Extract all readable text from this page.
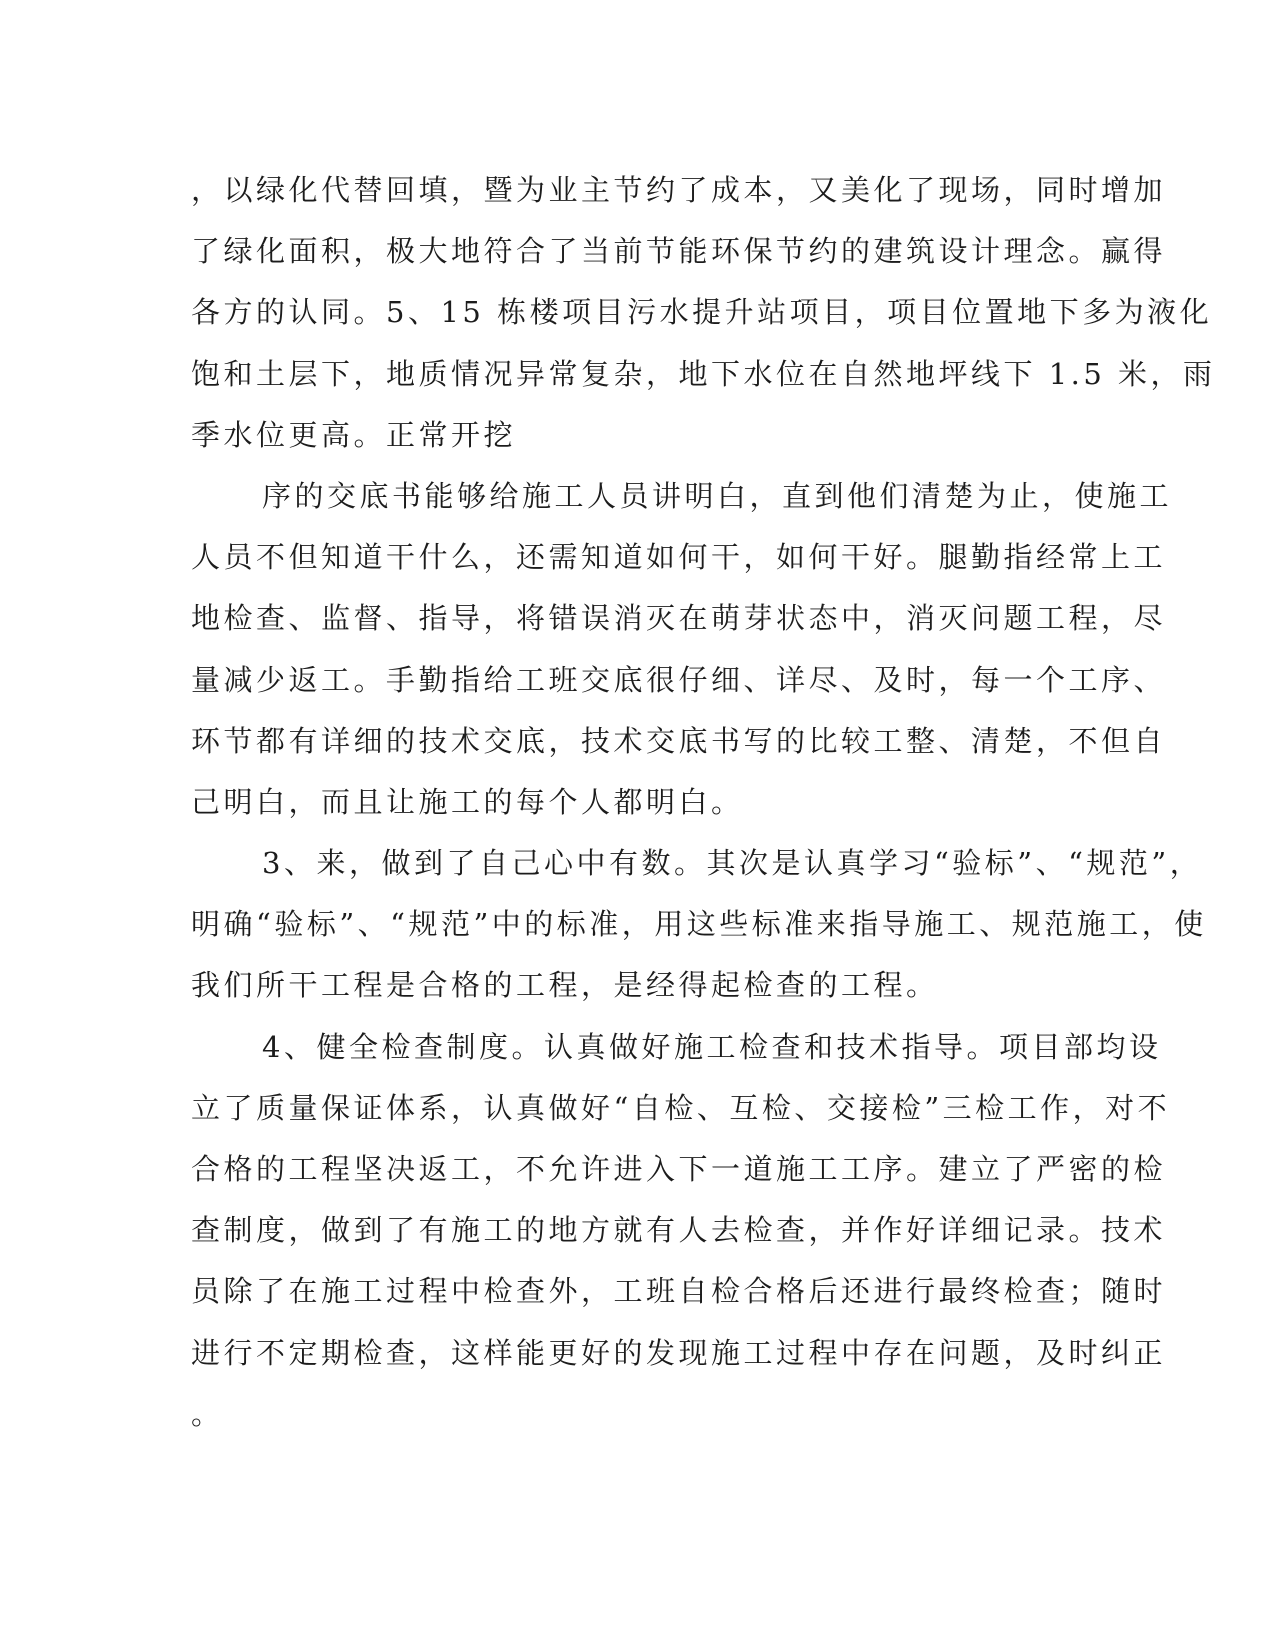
，以绿化代替回填，暨为业主节约了成本，又美化了现场，同时增加
了绿化面积，极大地符合了当前节能环保节约的建筑设计理念。赢得
各方的认同。5、15 栋楼项目污水提升站项目，项目位置地下多为液化
饱和土层下，地质情况异常复杂，地下水位在自然地坪线下 1.5 米，雨
季水位更高。正常开挖
序的交底书能够给施工人员讲明白，直到他们清楚为止，使施工
人员不但知道干什么，还需知道如何干，如何干好。腿勤指经常上工
地检查、监督、指导，将错误消灭在萌芽状态中，消灭问题工程，尽
量减少返工。手勤指给工班交底很仔细、详尽、及时，每一个工序、
环节都有详细的技术交底，技术交底书写的比较工整、清楚，不但自
己明白，而且让施工的每个人都明白。
3、来，做到了自己心中有数。其次是认真学习“验标”、“规范”，
明确“验标”、“规范”中的标准，用这些标准来指导施工、规范施工，使
我们所干工程是合格的工程，是经得起检查的工程。
4、健全检查制度。认真做好施工检查和技术指导。项目部均设
立了质量保证体系，认真做好“自检、互检、交接检”三检工作，对不
合格的工程坚决返工，不允许进入下一道施工工序。建立了严密的检
查制度，做到了有施工的地方就有人去检查，并作好详细记录。技术
员除了在施工过程中检查外，工班自检合格后还进行最终检查；随时
进行不定期检查，这样能更好的发现施工过程中存在问题，及时纠正
。
